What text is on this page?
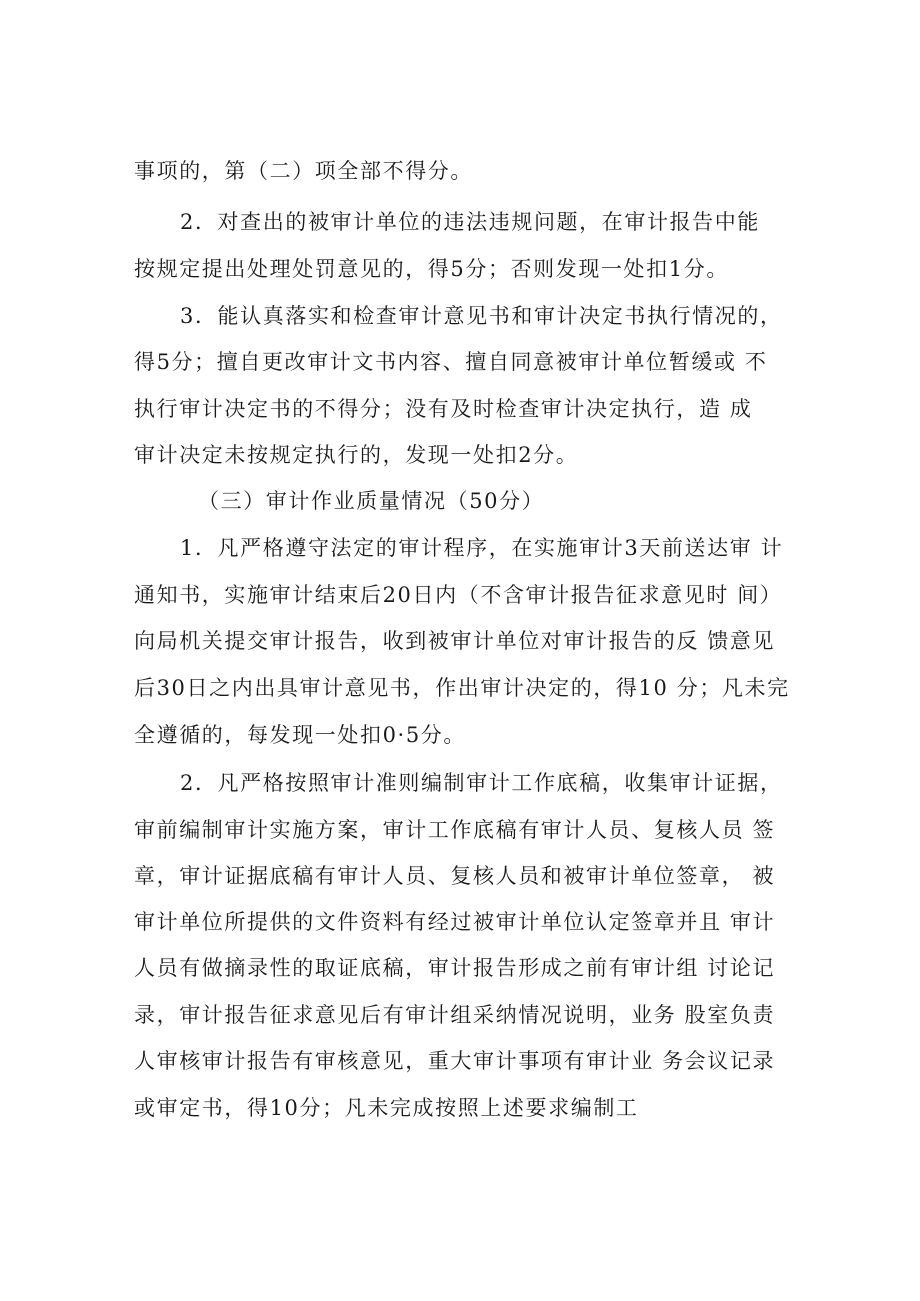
事项的，第（二）项全部不得分。
2．对查出的被审计单位的违法违规问题，在审计报告中能
按规定提出处理处罚意见的，得5分；否则发现一处扣1分。
3．能认真落实和检查审计意见书和审计决定书执行情况的，
得5分；擅自更改审计文书内容、擅自同意被审计单位暂缓或 不
执行审计决定书的不得分；没有及时检查审计决定执行，造 成
审计决定未按规定执行的，发现一处扣2分。
（三）审计作业质量情况（50分）
1．凡严格遵守法定的审计程序，在实施审计3天前送达审 计
通知书，实施审计结束后20日内（不含审计报告征求意见时 间）
向局机关提交审计报告，收到被审计单位对审计报告的反 馈意见
后30日之内出具审计意见书，作出审计决定的，得10 分；凡未完
全遵循的，每发现一处扣0·5分。
2．凡严格按照审计准则编制审计工作底稿，收集审计证据，
审前编制审计实施方案，审计工作底稿有审计人员、复核人员 签
章，审计证据底稿有审计人员、复核人员和被审计单位签章， 被
审计单位所提供的文件资料有经过被审计单位认定签章并且 审计
人员有做摘录性的取证底稿，审计报告形成之前有审计组 讨论记
录，审计报告征求意见后有审计组采纳情况说明，业务 股室负责
人审核审计报告有审核意见，重大审计事项有审计业 务会议记录
或审定书，得10分；凡未完成按照上述要求编制工
